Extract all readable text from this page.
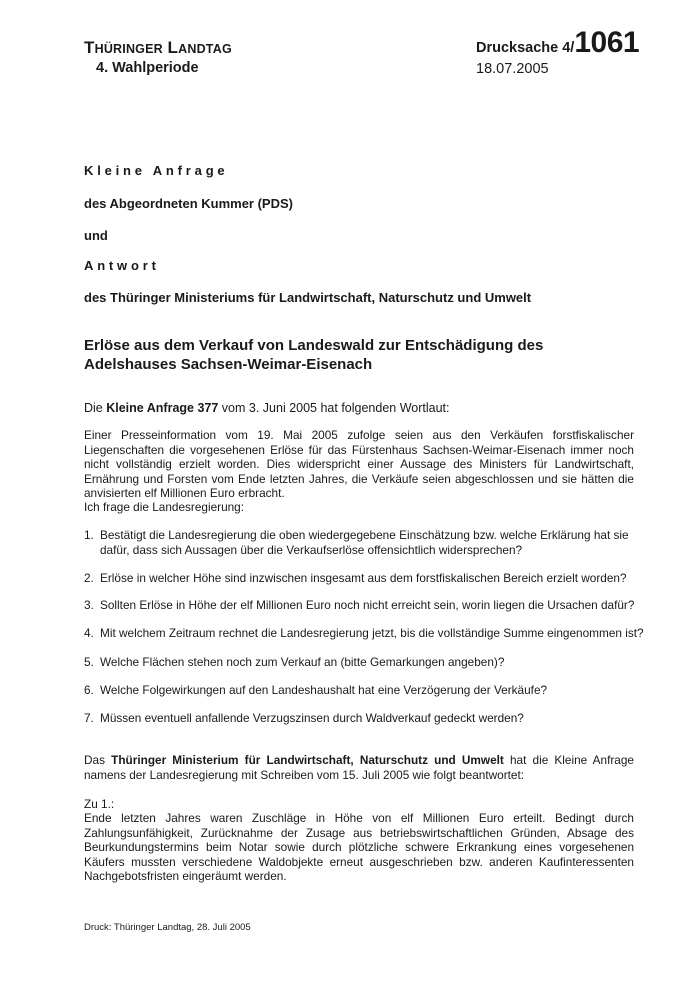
THÜRINGER LANDTAG
4. Wahlperiode
Drucksache 4/1061
18.07.2005
Kleine Anfrage
des Abgeordneten Kummer (PDS)
und
Antwort
des Thüringer Ministeriums für Landwirtschaft, Naturschutz und Umwelt
Erlöse aus dem Verkauf von Landeswald zur Entschädigung des Adelshauses Sachsen-Weimar-Eisenach
Die Kleine Anfrage 377 vom 3. Juni 2005 hat folgenden Wortlaut:
Einer Presseinformation vom 19. Mai 2005 zufolge seien aus den Verkäufen forstfiskalischer Liegenschaften die vorgesehenen Erlöse für das Fürstenhaus Sachsen-Weimar-Eisenach immer noch nicht vollständig erzielt worden. Dies widerspricht einer Aussage des Ministers für Landwirtschaft, Ernährung und Forsten vom Ende letzten Jahres, die Verkäufe seien abgeschlossen und sie hätten die anvisierten elf Millionen Euro erbracht.
Ich frage die Landesregierung:
1. Bestätigt die Landesregierung die oben wiedergegebene Einschätzung bzw. welche Erklärung hat sie dafür, dass sich Aussagen über die Verkaufserlöse offensichtlich widersprechen?
2. Erlöse in welcher Höhe sind inzwischen insgesamt aus dem forstfiskalischen Bereich erzielt worden?
3. Sollten Erlöse in Höhe der elf Millionen Euro noch nicht erreicht sein, worin liegen die Ursachen dafür?
4. Mit welchem Zeitraum rechnet die Landesregierung jetzt, bis die vollständige Summe eingenommen ist?
5. Welche Flächen stehen noch zum Verkauf an (bitte Gemarkungen angeben)?
6. Welche Folgewirkungen auf den Landeshaushalt hat eine Verzögerung der Verkäufe?
7. Müssen eventuell anfallende Verzugszinsen durch Waldverkauf gedeckt werden?
Das Thüringer Ministerium für Landwirtschaft, Naturschutz und Umwelt hat die Kleine Anfrage namens der Landesregierung mit Schreiben vom 15. Juli 2005 wie folgt beantwortet:
Zu 1.:
Ende letzten Jahres waren Zuschläge in Höhe von elf Millionen Euro erteilt. Bedingt durch Zahlungsunfähigkeit, Zurücknahme der Zusage aus betriebswirtschaftlichen Gründen, Absage des Beurkundungstermins beim Notar sowie durch plötzliche schwere Erkrankung eines vorgesehenen Käufers mussten verschiedene Waldobjekte erneut ausgeschrieben bzw. anderen Kaufinteressenten Nachgebotsfristen eingeräumt werden.
Druck: Thüringer Landtag, 28. Juli 2005
